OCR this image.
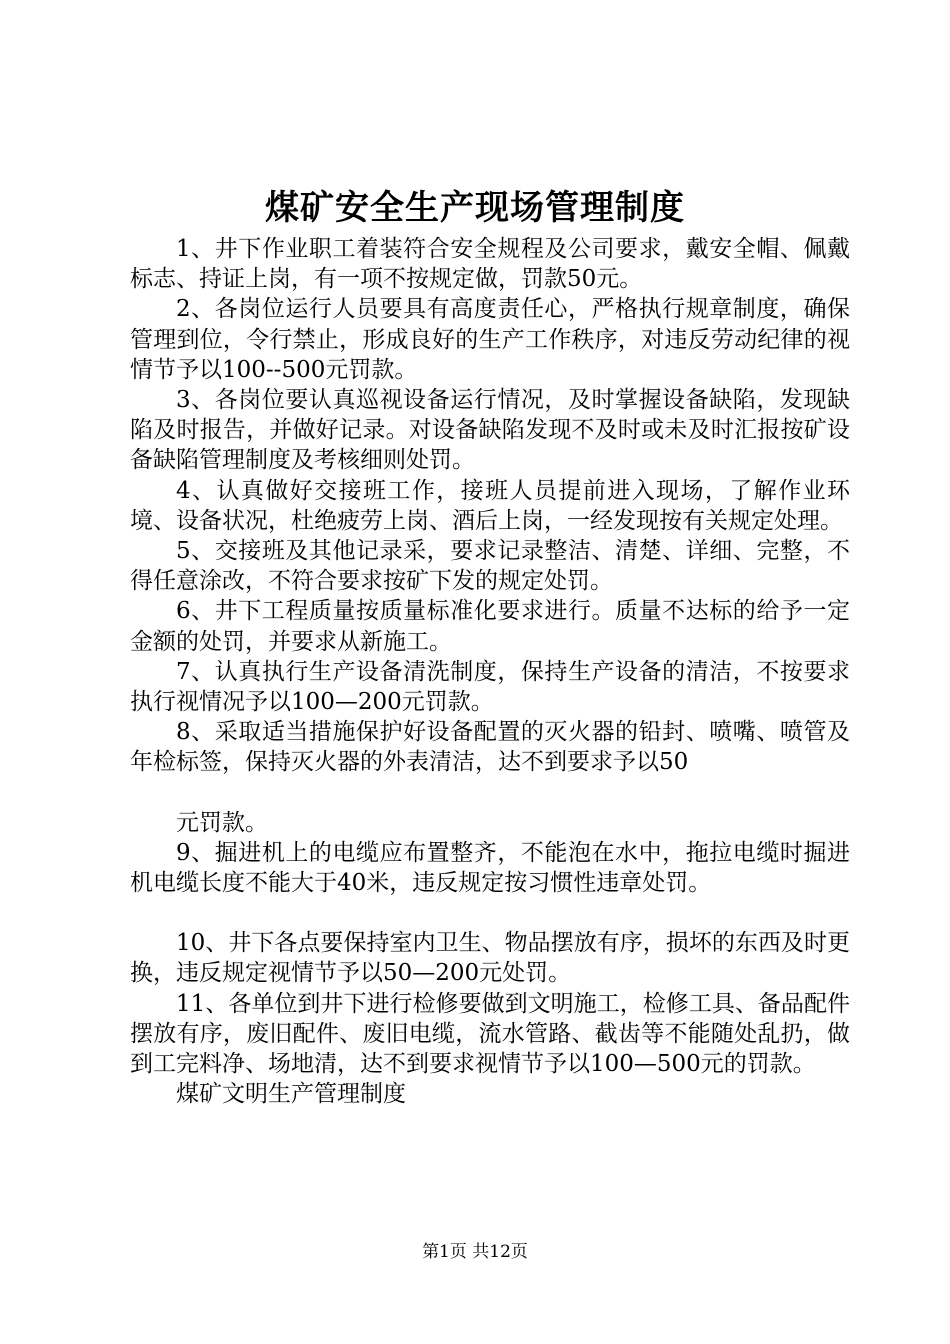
煤矿安全生产现场管理制度

1、井下作业职工着装符合安全规程及公司要求，戴安全帽、佩戴标志、持证上岗，有一项不按规定做，罚款50元。

2、各岗位运行人员要具有高度责任心，严格执行规章制度，确保管理到位，令行禁止，形成良好的生产工作秩序，对违反劳动纪律的视情节予以100--500元罚款。

3、各岗位要认真巡视设备运行情况，及时掌握设备缺陷，发现缺陷及时报告，并做好记录。对设备缺陷发现不及时或未及时汇报按矿设备缺陷管理制度及考核细则处罚。

4、认真做好交接班工作，接班人员提前进入现场，了解作业环境、设备状况，杜绝疲劳上岗、酒后上岗，一经发现按有关规定处理。

5、交接班及其他记录采，要求记录整洁、清楚、详细、完整，不得任意涂改，不符合要求按矿下发的规定处罚。

6、井下工程质量按质量标准化要求进行。质量不达标的给予一定金额的处罚，并要求从新施工。

7、认真执行生产设备清洗制度，保持生产设备的清洁，不按要求执行视情况予以100—200元罚款。

8、采取适当措施保护好设备配置的灭火器的铅封、喷嘴、喷管及年检标签，保持灭火器的外表清洁，达不到要求予以50

元罚款。

9、掘进机上的电缆应布置整齐，不能泡在水中，拖拉电缆时掘进机电缆长度不能大于40米，违反规定按习惯性违章处罚。

10、井下各点要保持室内卫生、物品摆放有序，损坏的东西及时更换，违反规定视情节予以50—200元处罚。

11、各单位到井下进行检修要做到文明施工，检修工具、备品配件摆放有序，废旧配件、废旧电缆，流水管路、截齿等不能随处乱扔，做到工完料净、场地清，达不到要求视情节予以100—500元的罚款。

煤矿文明生产管理制度

第1页 共12页
